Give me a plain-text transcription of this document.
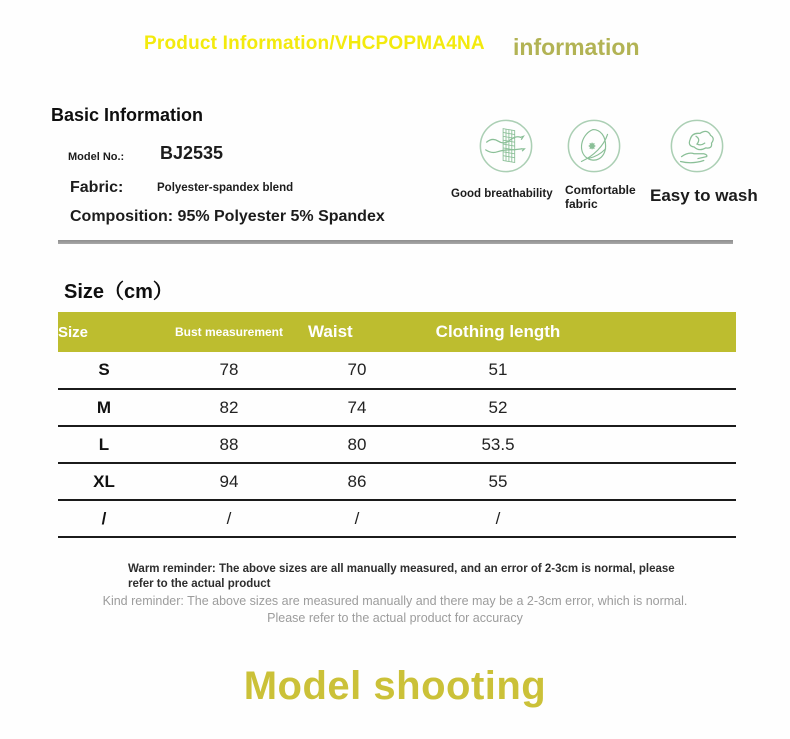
Product Information/VHCPOPMA4NA information
Basic Information
Model No.: BJ2535
Fabric:	Polyester-spandex blend
Composition: 95% Polyester 5% Spandex
Good breathability Comfortable fabric	Easy to wash
Size（cm）
Size	Bust measurement	Waist	Clothing length	
S	78	70	51	
M	82	74	52	
L	88	80	53.5	
XL	94	86	55	
/	/	/	/	
Warm reminder: The above sizes are all manually measured, and an error of 2-3cm is normal, please
refer to the actual product
Kind reminder: The above sizes are measured manually and there may be a 2-3cm error, which is normal.
Please refer to the actual product for accuracy
Model shooting
